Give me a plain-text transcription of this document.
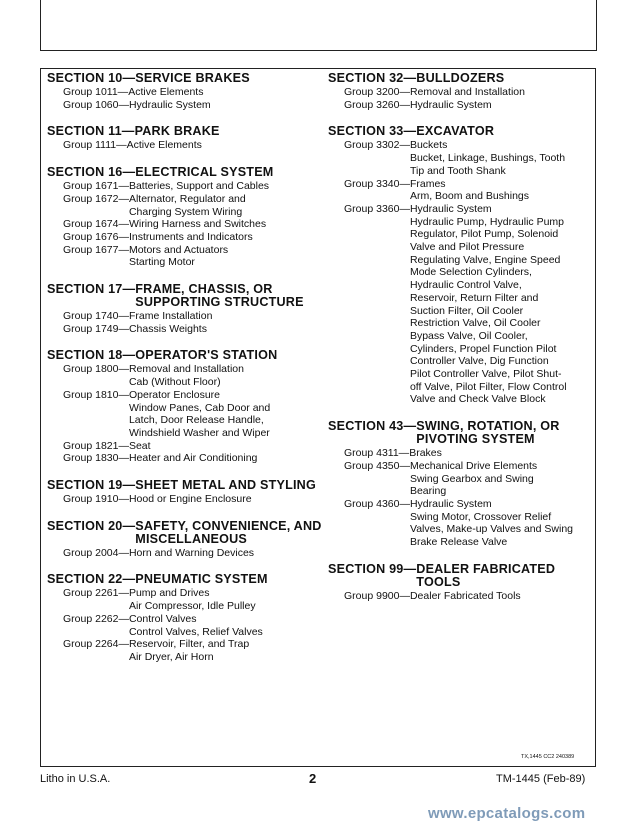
SECTION 10— SERVICE BRAKES
Group 1011— Active Elements
Group 1060— Hydraulic System
SECTION 11— PARK BRAKE
Group 1111— Active Elements
SECTION 16— ELECTRICAL SYSTEM
Group 1671— Batteries, Support and Cables
Group 1672— Alternator, Regulator and
Charging System Wiring
Group 1674— Wiring Harness and Switches
Group 1676— Instruments and Indicators
Group 1677— Motors and Actuators
Starting Motor
SECTION 17— FRAME, CHASSIS, OR SUPPORTING STRUCTURE
Group 1740— Frame Installation
Group 1749— Chassis Weights
SECTION 18— OPERATOR'S STATION
Group 1800— Removal and Installation
Cab (Without Floor)
Group 1810— Operator Enclosure
Window Panes, Cab Door and
Latch, Door Release Handle,
Windshield Washer and Wiper
Group 1821— Seat
Group 1830— Heater and Air Conditioning
SECTION 19— SHEET METAL AND STYLING
Group 1910— Hood or Engine Enclosure
SECTION 20— SAFETY, CONVENIENCE, AND MISCELLANEOUS
Group 2004— Horn and Warning Devices
SECTION 22— PNEUMATIC SYSTEM
Group 2261— Pump and Drives
Air Compressor, Idle Pulley
Group 2262— Control Valves
Control Valves, Relief Valves
Group 2264— Reservoir, Filter, and Trap
Air Dryer, Air Horn
SECTION 32— BULLDOZERS
Group 3200— Removal and Installation
Group 3260— Hydraulic System
SECTION 33— EXCAVATOR
Group 3302— Buckets
Bucket, Linkage, Bushings, Tooth
Tip and Tooth Shank
Group 3340— Frames
Arm, Boom and Bushings
Group 3360— Hydraulic System
Hydraulic Pump, Hydraulic Pump
Regulator, Pilot Pump, Solenoid
Valve and Pilot Pressure
Regulating Valve, Engine Speed
Mode Selection Cylinders,
Hydraulic Control Valve,
Reservoir, Return Filter and
Suction Filter, Oil Cooler
Restriction Valve, Oil Cooler
Bypass Valve, Oil Cooler,
Cylinders, Propel Function Pilot
Controller Valve, Dig Function
Pilot Controller Valve, Pilot Shut-
off Valve, Pilot Filter, Flow Control
Valve and Check Valve Block
SECTION 43— SWING, ROTATION, OR PIVOTING SYSTEM
Group 4311— Brakes
Group 4350— Mechanical Drive Elements
Swing Gearbox and Swing
Bearing
Group 4360— Hydraulic System
Swing Motor, Crossover Relief
Valves, Make-up Valves and Swing
Brake Release Valve
SECTION 99— DEALER FABRICATED TOOLS
Group 9900— Dealer Fabricated Tools
TX,1445 CC2 240389
Litho in U.S.A.	2	TM-1445 (Feb-89)
www.epcatalogs.com
